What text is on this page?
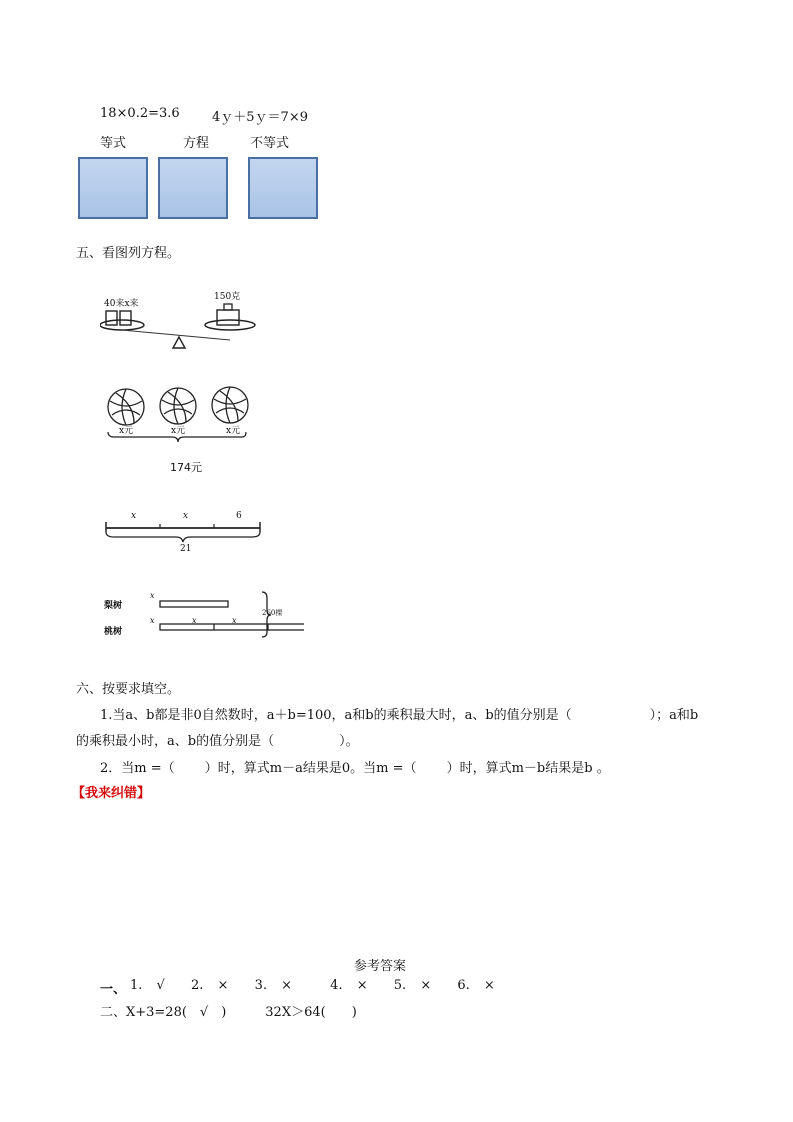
18×0.2=3.6 4ｙ＋5ｙ＝7×9
等式	方程	不等式
五、看图列方程。
40来x来
150克
x元	x元	x元
174元
x	x	6
21
梨树
桃树
x
x	x	x
260棵
六、按要求填空。
1.当a、b都是非0自然数时，a＋b=100，a和b的乘积最大时，a、b的值分别是（　　　　　　）；a和b
的乘积最小时，a、b的值分别是（　　　　　）。
2．当m =（　　 ）时，算式m－a结果是0。当m =（　　 ）时，算式m－b结果是b 。
【我来纠错】
参考答案
一、 1. √ 2. × 3. ×	4. × 5. × 6. ×
二、X+3=28(　√　)　　　32X＞64(　　)
